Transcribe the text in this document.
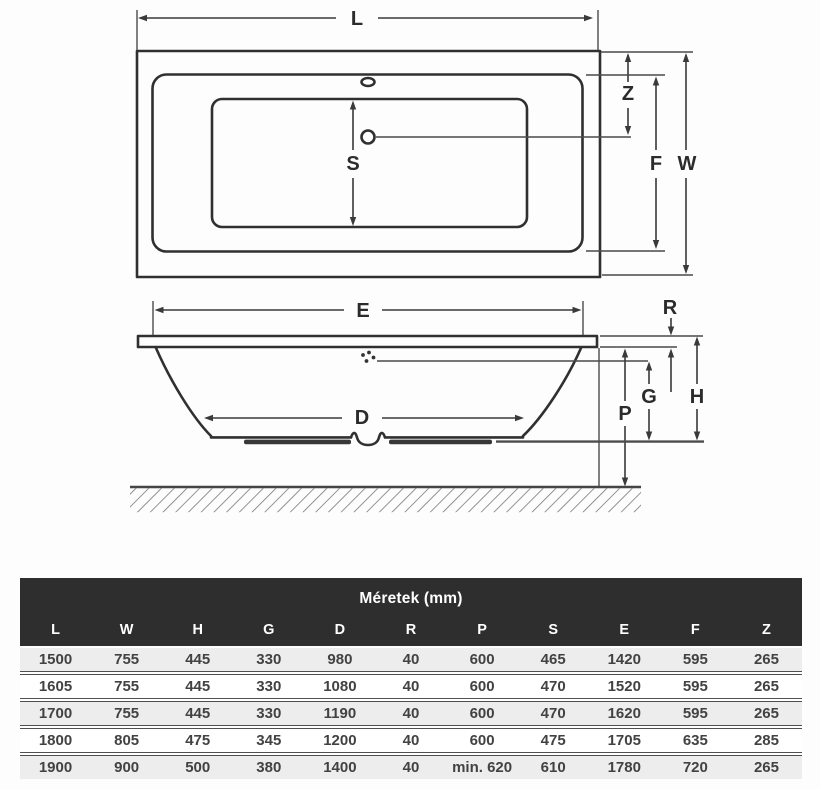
L
Z
S	F W
E	R
D
G
P
H
Méretek (mm)
L	W	H	G	D	R	P	S	E	F	Z
1500	755	445	330	980	40	600	465	1420	595	265
1605	755	445	330	1080	40	600	470	1520	595	265
1700	755	445	330	1190	40	600	470	1620	595	265
1800	805	475	345	1200	40	600	475	1705	635	285
1900	900	500	380	1400	40	min. 620	610	1780	720	265
